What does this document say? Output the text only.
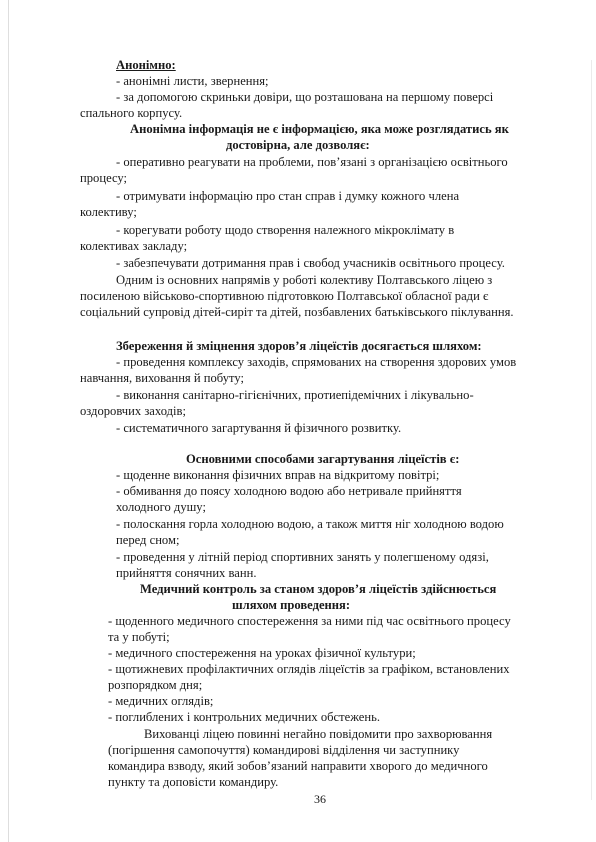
Анонімно:

- анонімні листи, звернення;

- за допомогою скриньки довіри, що розташована на першому поверсі

спального корпусу.

Анонімна інформація не є інформацією, яка може розглядатись як

достовірна, але дозволяє:

- оперативно реагувати на проблеми, пов’язані з організацією освітнього

процесу;

- отримувати інформацію про стан справ і думку кожного члена

колективу;

- корегувати роботу щодо створення належного мікроклімату в

колективах закладу;

- забезпечувати дотримання прав і свобод учасників освітнього процесу.

Одним із основних напрямів у роботі колективу Полтавського ліцею з

посиленою військово-спортивною підготовкою Полтавської обласної ради є

соціальний супровід дітей-сиріт та дітей, позбавлених батьківського піклування.

Збереження й зміцнення здоров’я ліцеїстів досягається шляхом:

- проведення комплексу заходів, спрямованих на створення здорових умов

навчання, виховання й побуту;

- виконання санітарно-гігієнічних, протиепідемічних і лікувально-

оздоровчих заходів;

- систематичного загартування й фізичного розвитку.

Основними способами загартування ліцеїстів є:

- щоденне виконання фізичних вправ на відкритому повітрі;

- обмивання до поясу холодною водою або нетривале прийняття

холодного душу;

- полоскання горла холодною водою, а також миття ніг холодною водою

перед сном;

- проведення у літній період спортивних занять у полегшеному одязі,

прийняття сонячних ванн.

Медичний контроль за станом здоров’я ліцеїстів здійснюється

шляхом проведення:

- щоденного медичного спостереження за ними під час освітнього процесу

та у побуті;

- медичного спостереження на уроках фізичної культури;

- щотижневих профілактичних оглядів ліцеїстів за графіком, встановлених

розпорядком дня;

- медичних оглядів;

- поглиблених і контрольних медичних обстежень.

Вихованці ліцею повинні негайно повідомити про захворювання

(погіршення самопочуття) командирові відділення чи заступнику

командира взводу, який зобов’язаний направити хворого до медичного

пункту та доповісти командиру.

36
